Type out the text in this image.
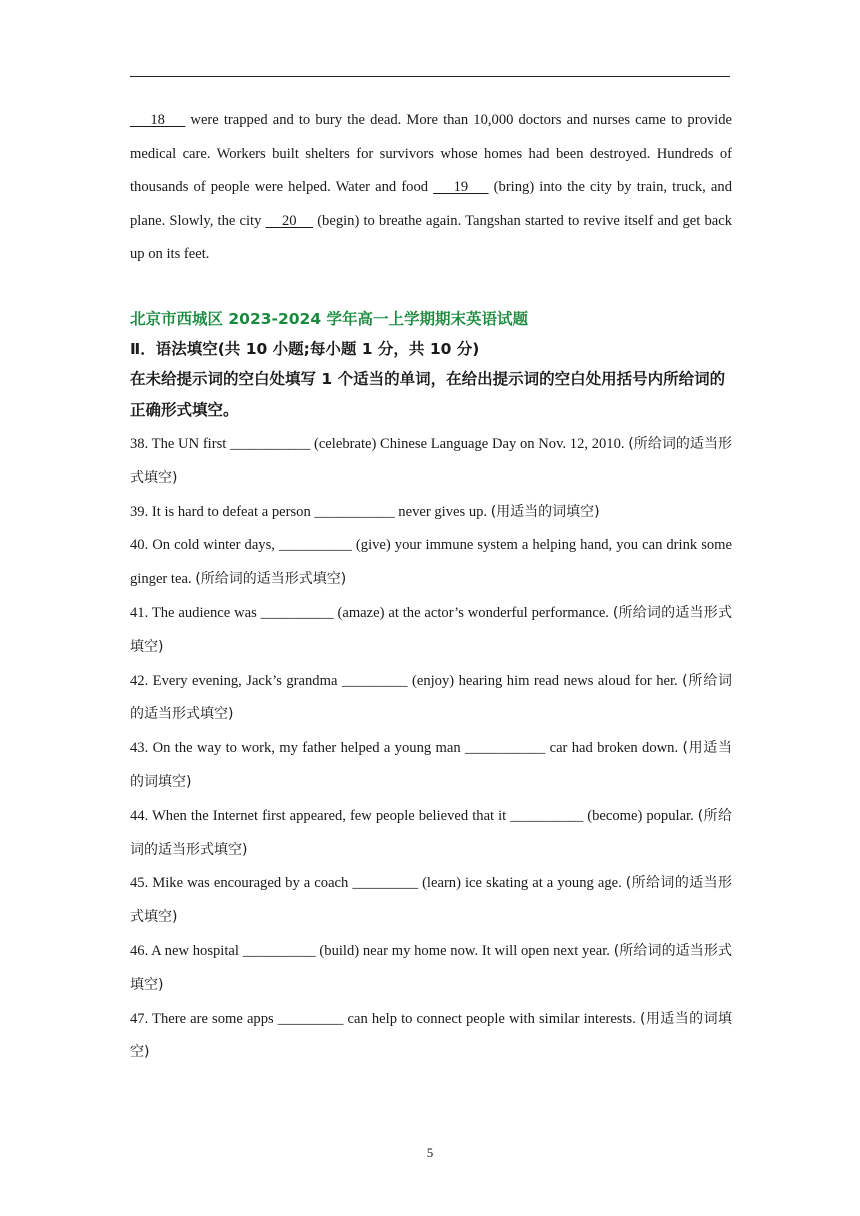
18     were trapped and to bury the dead. More than 10,000 doctors and nurses came to provide medical care. Workers built shelters for survivors whose homes had been destroyed. Hundreds of thousands of people were helped. Water and food     19     (bring) into the city by train, truck, and plane. Slowly, the city     20     (begin) to breathe again. Tangshan started to revive itself and get back up on its feet.

北京市西城区 2023-2024 学年高一上学期期末英语试题
Ⅱ．语法填空(共 10 小题;每小题 1 分，共 10 分)

在未给提示词的空白处填写 1 个适当的单词，在给出提示词的空白处用括号内所给词的正确形式填空。

38. The UN first ___________ (celebrate) Chinese Language Day on Nov. 12, 2010. (所给词的适当形式填空)

39. It is hard to defeat a person ___________ never gives up. (用适当的词填空)

40. On cold winter days, __________ (give) your immune system a helping hand, you can drink some ginger tea. (所给词的适当形式填空)

41. The audience was __________ (amaze) at the actor’s wonderful performance. (所给词的适当形式填空)

42. Every evening, Jack’s grandma _________ (enjoy) hearing him read news aloud for her. (所给词的适当形式填空)

43. On the way to work, my father helped a young man ___________ car had broken down. (用适当的词填空)

44. When the Internet first appeared, few people believed that it __________ (become) popular. (所给词的适当形式填空)

45. Mike was encouraged by a coach _________ (learn) ice skating at a young age. (所给词的适当形式填空)

46. A new hospital __________ (build) near my home now. It will open next year. (所给词的适当形式填空)

47. There are some apps _________ can help to connect people with similar interests. (用适当的词填空)

5
